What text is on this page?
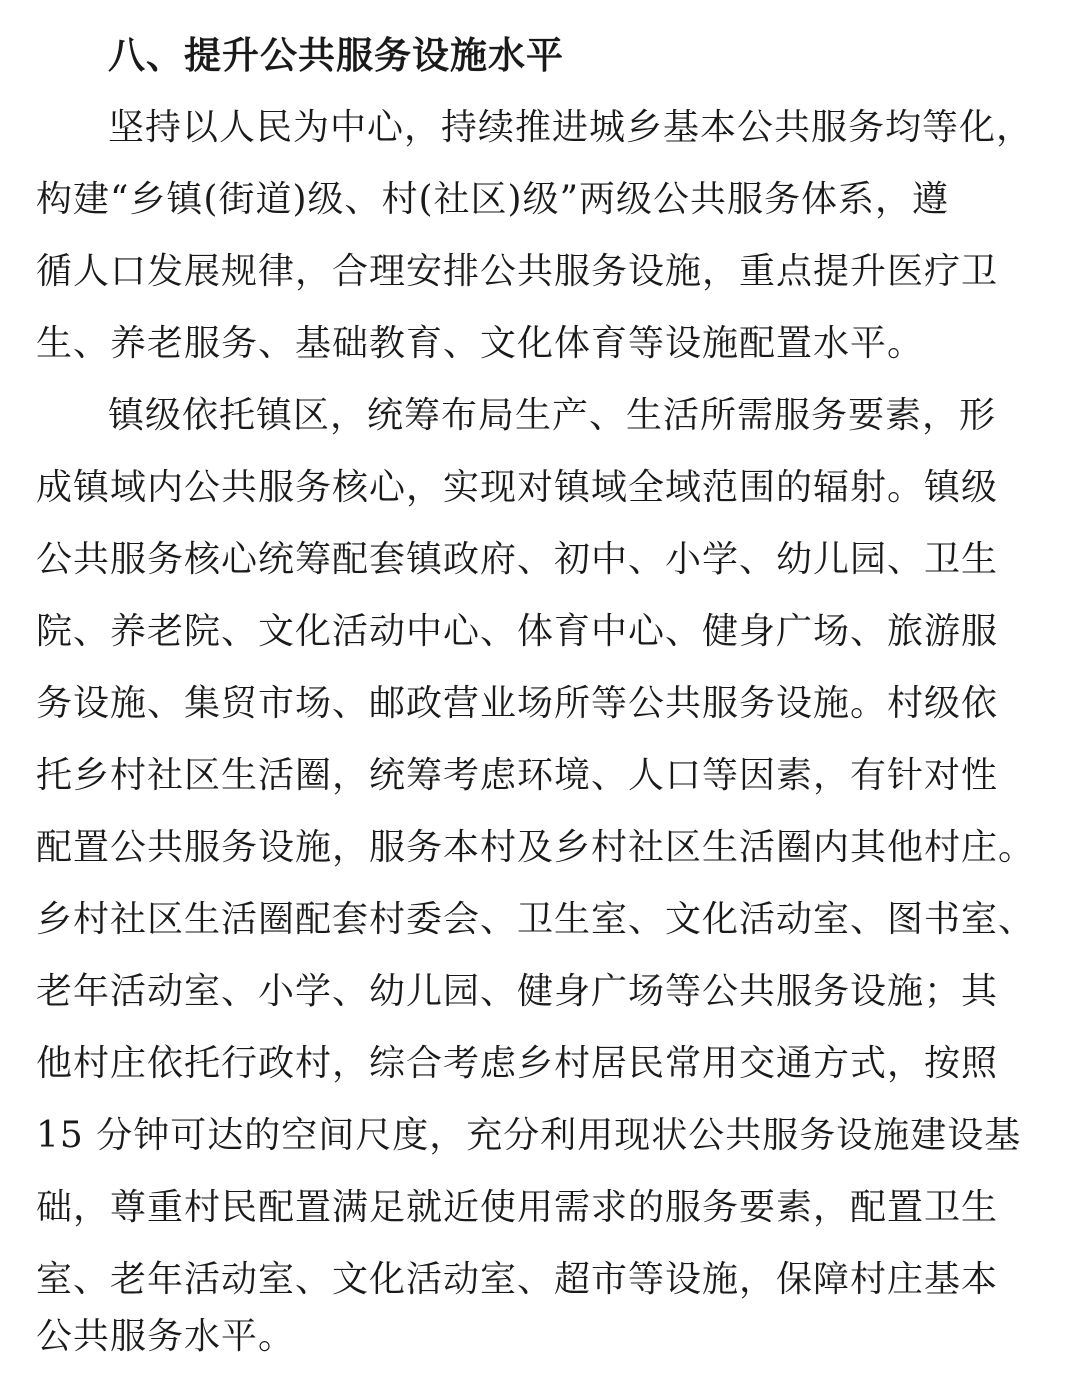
八、提升公共服务设施水平
坚持以人民为中心，持续推进城乡基本公共服务均等化，
构建“乡镇(街道)级、村(社区)级”两级公共服务体系，遵
循人口发展规律，合理安排公共服务设施，重点提升医疗卫
生、养老服务、基础教育、文化体育等设施配置水平。
镇级依托镇区，统筹布局生产、生活所需服务要素，形
成镇域内公共服务核心，实现对镇域全域范围的辐射。镇级
公共服务核心统筹配套镇政府、初中、小学、幼儿园、卫生
院、养老院、文化活动中心、体育中心、健身广场、旅游服
务设施、集贸市场、邮政营业场所等公共服务设施。村级依
托乡村社区生活圈，统筹考虑环境、人口等因素，有针对性
配置公共服务设施，服务本村及乡村社区生活圈内其他村庄。
乡村社区生活圈配套村委会、卫生室、文化活动室、图书室、
老年活动室、小学、幼儿园、健身广场等公共服务设施；其
他村庄依托行政村，综合考虑乡村居民常用交通方式，按照
15 分钟可达的空间尺度，充分利用现状公共服务设施建设基
础，尊重村民配置满足就近使用需求的服务要素，配置卫生
室、老年活动室、文化活动室、超市等设施，保障村庄基本
公共服务水平。
